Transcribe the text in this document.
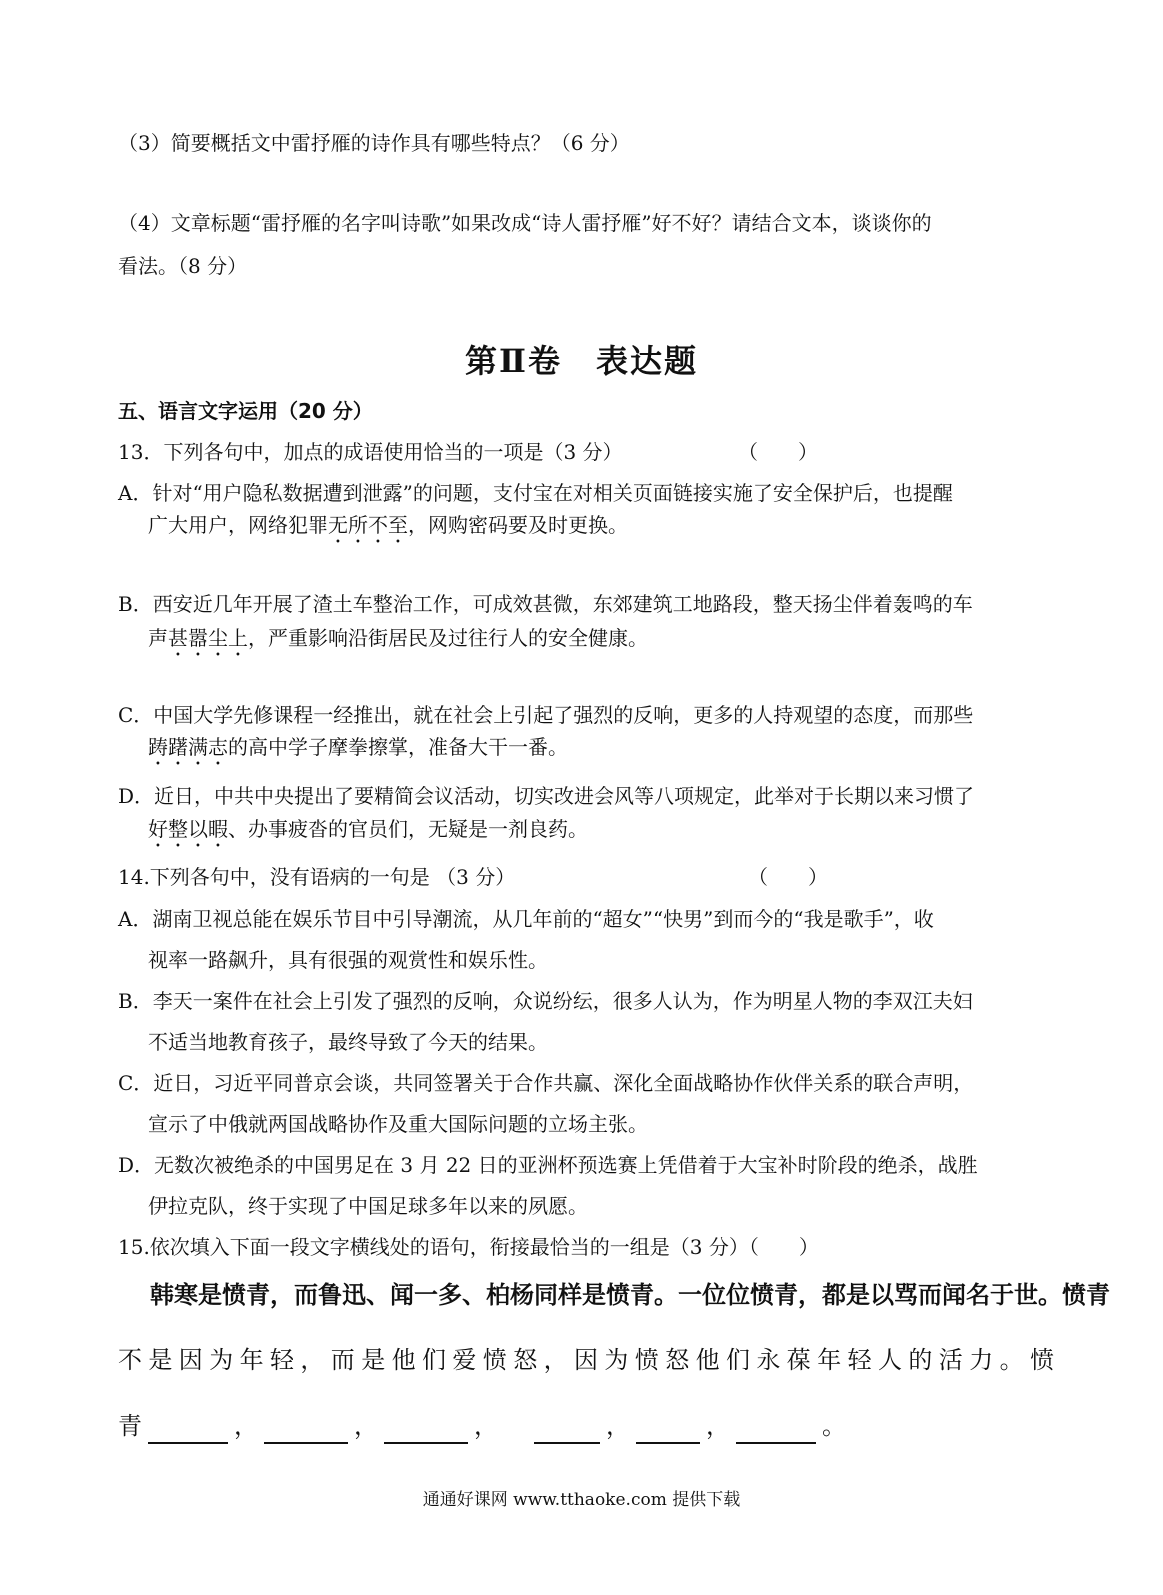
（3）简要概括文中雷抒雁的诗作具有哪些特点？（6 分）
（4）文章标题“雷抒雁的名字叫诗歌”如果改成“诗人雷抒雁”好不好？请结合文本，谈谈你的
看法。（8 分）
第Ⅱ卷　表达题
五、语言文字运用（20 分）
13．下列各句中，加点的成语使用恰当的一项是（3 分）	（　　）
A．针对“用户隐私数据遭到泄露”的问题，支付宝在对相关页面链接实施了安全保护后，也提醒
广大用户，网络犯罪无所不至，网购密码要及时更换。
B．西安近几年开展了渣土车整治工作，可成效甚微，东郊建筑工地路段，整天扬尘伴着轰鸣的车
声甚嚣尘上，严重影响沿街居民及过往行人的安全健康。
C．中国大学先修课程一经推出，就在社会上引起了强烈的反响，更多的人持观望的态度，而那些
踌躇满志的高中学子摩拳擦掌，准备大干一番。
D．近日，中共中央提出了要精简会议活动，切实改进会风等八项规定，此举对于长期以来习惯了
好整以暇、办事疲沓的官员们，无疑是一剂良药。
14.下列各句中，没有语病的一句是 （3 分）	（　　）
A．湖南卫视总能在娱乐节目中引导潮流，从几年前的“超女”“快男”到而今的“我是歌手”，收
视率一路飙升，具有很强的观赏性和娱乐性。
B．李天一案件在社会上引发了强烈的反响，众说纷纭，很多人认为，作为明星人物的李双江夫妇
不适当地教育孩子，最终导致了今天的结果。
C．近日，习近平同普京会谈，共同签署关于合作共赢、深化全面战略协作伙伴关系的联合声明，
宣示了中俄就两国战略协作及重大国际问题的立场主张。
D．无数次被绝杀的中国男足在 3 月 22 日的亚洲杯预选赛上凭借着于大宝补时阶段的绝杀，战胜
伊拉克队，终于实现了中国足球多年以来的夙愿。
15.依次填入下面一段文字横线处的语句，衔接最恰当的一组是（3 分）（　　）
韩寒是愤青，而鲁迅、闻一多、柏杨同样是愤青。一位位愤青，都是以骂而闻名于世。愤青
不是因为年轻，而是他们爱愤怒，因为愤怒他们永葆年轻人的活力。愤
青	，	，	，	，	，	。
通通好课网 www.tthaoke.com 提供下载
